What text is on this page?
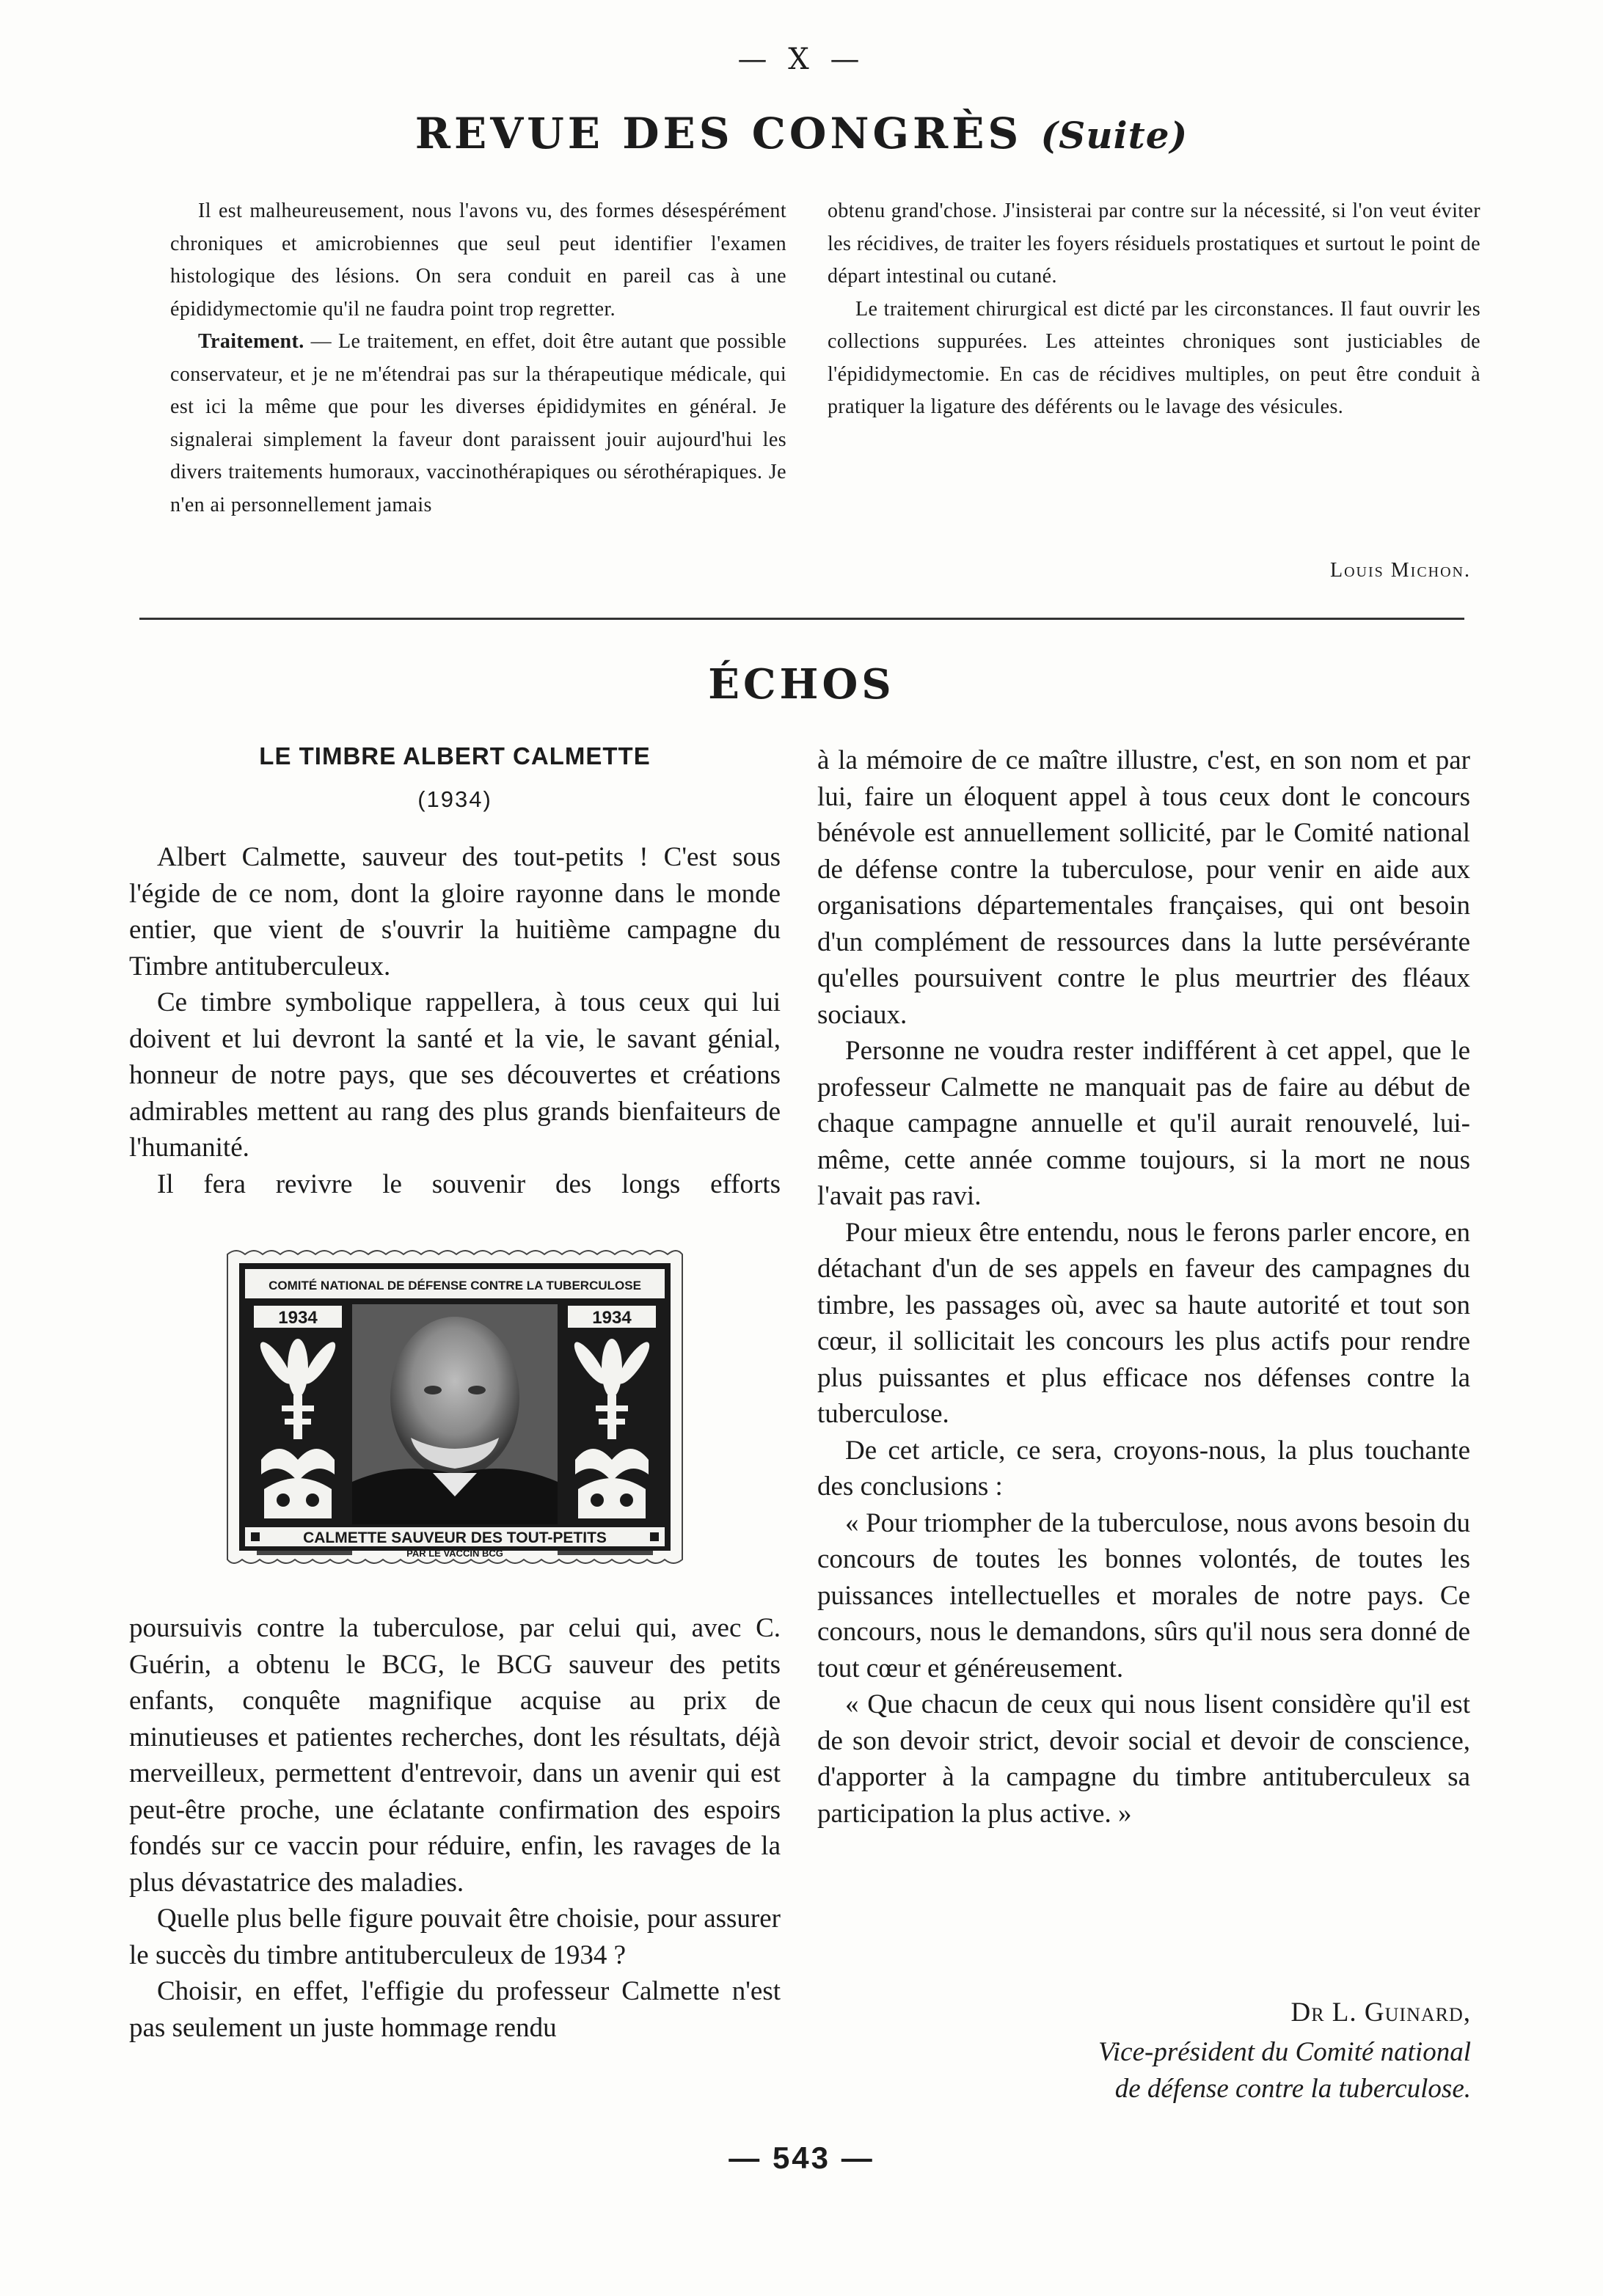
— X —
REVUE DES CONGRÈS (Suite)

Il est malheureusement, nous l'avons vu, des formes désespérément chroniques et amicrobiennes que seul peut identifier l'examen histologique des lésions. On sera conduit en pareil cas à une épididymectomie qu'il ne faudra point trop regretter.

Traitement. — Le traitement, en effet, doit être autant que possible conservateur, et je ne m'étendrai pas sur la thérapeutique médicale, qui est ici la même que pour les diverses épididymites en général. Je signalerai simplement la faveur dont paraissent jouir aujourd'hui les divers traitements humoraux, vaccinothérapiques ou sérothérapiques. Je n'en ai personnellement jamais

obtenu grand'chose. J'insisterai par contre sur la nécessité, si l'on veut éviter les récidives, de traiter les foyers résiduels prostatiques et surtout le point de départ intestinal ou cutané.

Le traitement chirurgical est dicté par les circonstances. Il faut ouvrir les collections suppurées. Les atteintes chroniques sont justiciables de l'épididymectomie. En cas de récidives multiples, on peut être conduit à pratiquer la ligature des déférents ou le lavage des vésicules.

Louis Michon.
ÉCHOS
LE TIMBRE ALBERT CALMETTE
(1934)

Albert Calmette, sauveur des tout-petits ! C'est sous l'égide de ce nom, dont la gloire rayonne dans le monde entier, que vient de s'ouvrir la huitième campagne du Timbre antituberculeux.

Ce timbre symbolique rappellera, à tous ceux qui lui doivent et lui devront la santé et la vie, le savant génial, honneur de notre pays, que ses découvertes et créations admirables mettent au rang des plus grands bienfaiteurs de l'humanité.

Il fera revivre le souvenir des longs efforts

COMITÉ NATIONAL DE DÉFENSE CONTRE LA TUBERCULOSE
1934	1934
CALMETTE SAUVEUR DES TOUT-PETITS
PAR LE VACCIN BCG

poursuivis contre la tuberculose, par celui qui, avec C. Guérin, a obtenu le BCG, le BCG sauveur des petits enfants, conquête magnifique acquise au prix de minutieuses et patientes recherches, dont les résultats, déjà merveilleux, permettent d'entrevoir, dans un avenir qui est peut-être proche, une éclatante confirmation des espoirs fondés sur ce vaccin pour réduire, enfin, les ravages de la plus dévastatrice des maladies.

Quelle plus belle figure pouvait être choisie, pour assurer le succès du timbre antituberculeux de 1934 ?

Choisir, en effet, l'effigie du professeur Calmette n'est pas seulement un juste hommage rendu

à la mémoire de ce maître illustre, c'est, en son nom et par lui, faire un éloquent appel à tous ceux dont le concours bénévole est annuellement sollicité, par le Comité national de défense contre la tuberculose, pour venir en aide aux organisations départementales françaises, qui ont besoin d'un complément de ressources dans la lutte persévérante qu'elles poursuivent contre le plus meurtrier des fléaux sociaux.

Personne ne voudra rester indifférent à cet appel, que le professeur Calmette ne manquait pas de faire au début de chaque campagne annuelle et qu'il aurait renouvelé, lui-même, cette année comme toujours, si la mort ne nous l'avait pas ravi.

Pour mieux être entendu, nous le ferons parler encore, en détachant d'un de ses appels en faveur des campagnes du timbre, les passages où, avec sa haute autorité et tout son cœur, il sollicitait les concours les plus actifs pour rendre plus puissantes et plus efficace nos défenses contre la tuberculose.

De cet article, ce sera, croyons-nous, la plus touchante des conclusions :

« Pour triompher de la tuberculose, nous avons besoin du concours de toutes les bonnes volontés, de toutes les puissances intellectuelles et morales de notre pays. Ce concours, nous le demandons, sûrs qu'il nous sera donné de tout cœur et généreusement.

« Que chacun de ceux qui nous lisent considère qu'il est de son devoir strict, devoir social et devoir de conscience, d'apporter à la campagne du timbre antituberculeux sa participation la plus active. »

Dr L. Guinard,
Vice-président du Comité national
de défense contre la tuberculose.
— 543 —
